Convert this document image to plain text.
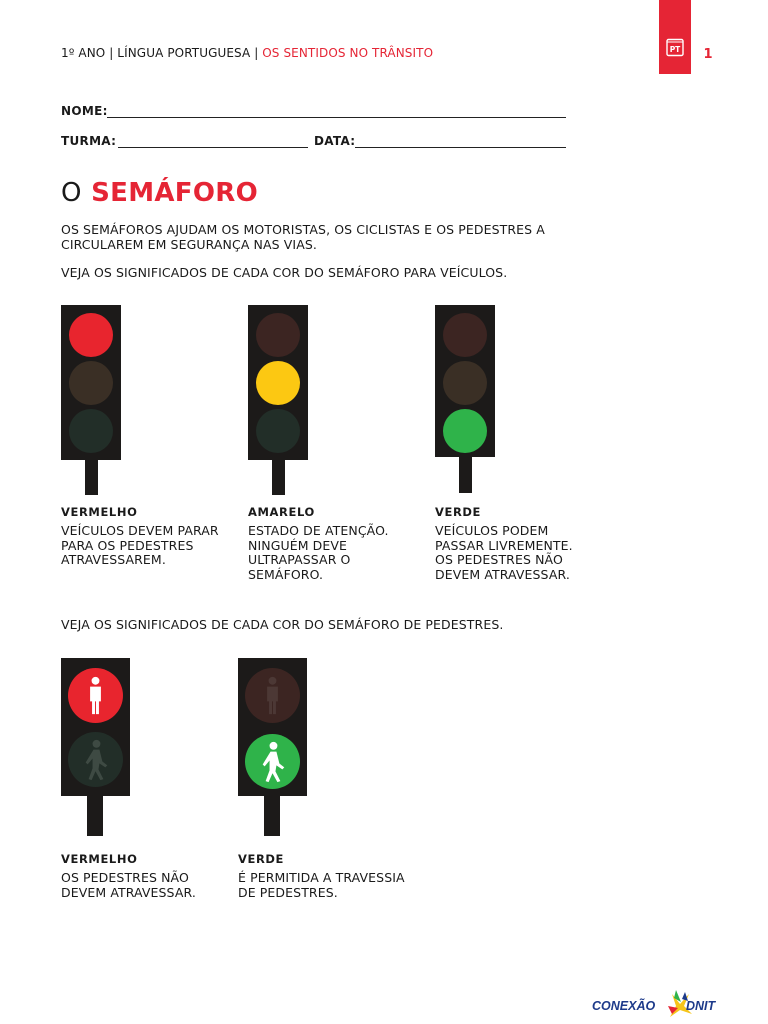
1º ANO | LÍNGUA PORTUGUESA | OS SENTIDOS NO TRÂNSITO	PT 1
NOME:
TURMA:	DATA:
O SEMÁFORO
OS SEMÁFOROS AJUDAM OS MOTORISTAS, OS CICLISTAS E OS PEDESTRES A
CIRCULAREM EM SEGURANÇA NAS VIAS.
VEJA OS SIGNIFICADOS DE CADA COR DO SEMÁFORO PARA VEÍCULOS.
VERMELHO
VEÍCULOS DEVEM PARAR
PARA OS PEDESTRES
ATRAVESSAREM.
AMARELO
ESTADO DE ATENÇÃO.
NINGUÉM DEVE
ULTRAPASSAR O
SEMÁFORO.
VERDE
VEÍCULOS PODEM
PASSAR LIVREMENTE.
OS PEDESTRES NÃO
DEVEM ATRAVESSAR.
VEJA OS SIGNIFICADOS DE CADA COR DO SEMÁFORO DE PEDESTRES.
VERMELHO
OS PEDESTRES NÃO
DEVEM ATRAVESSAR.
VERDE
É PERMITIDA A TRAVESSIA
DE PEDESTRES.
CONEXÃO DNIT
